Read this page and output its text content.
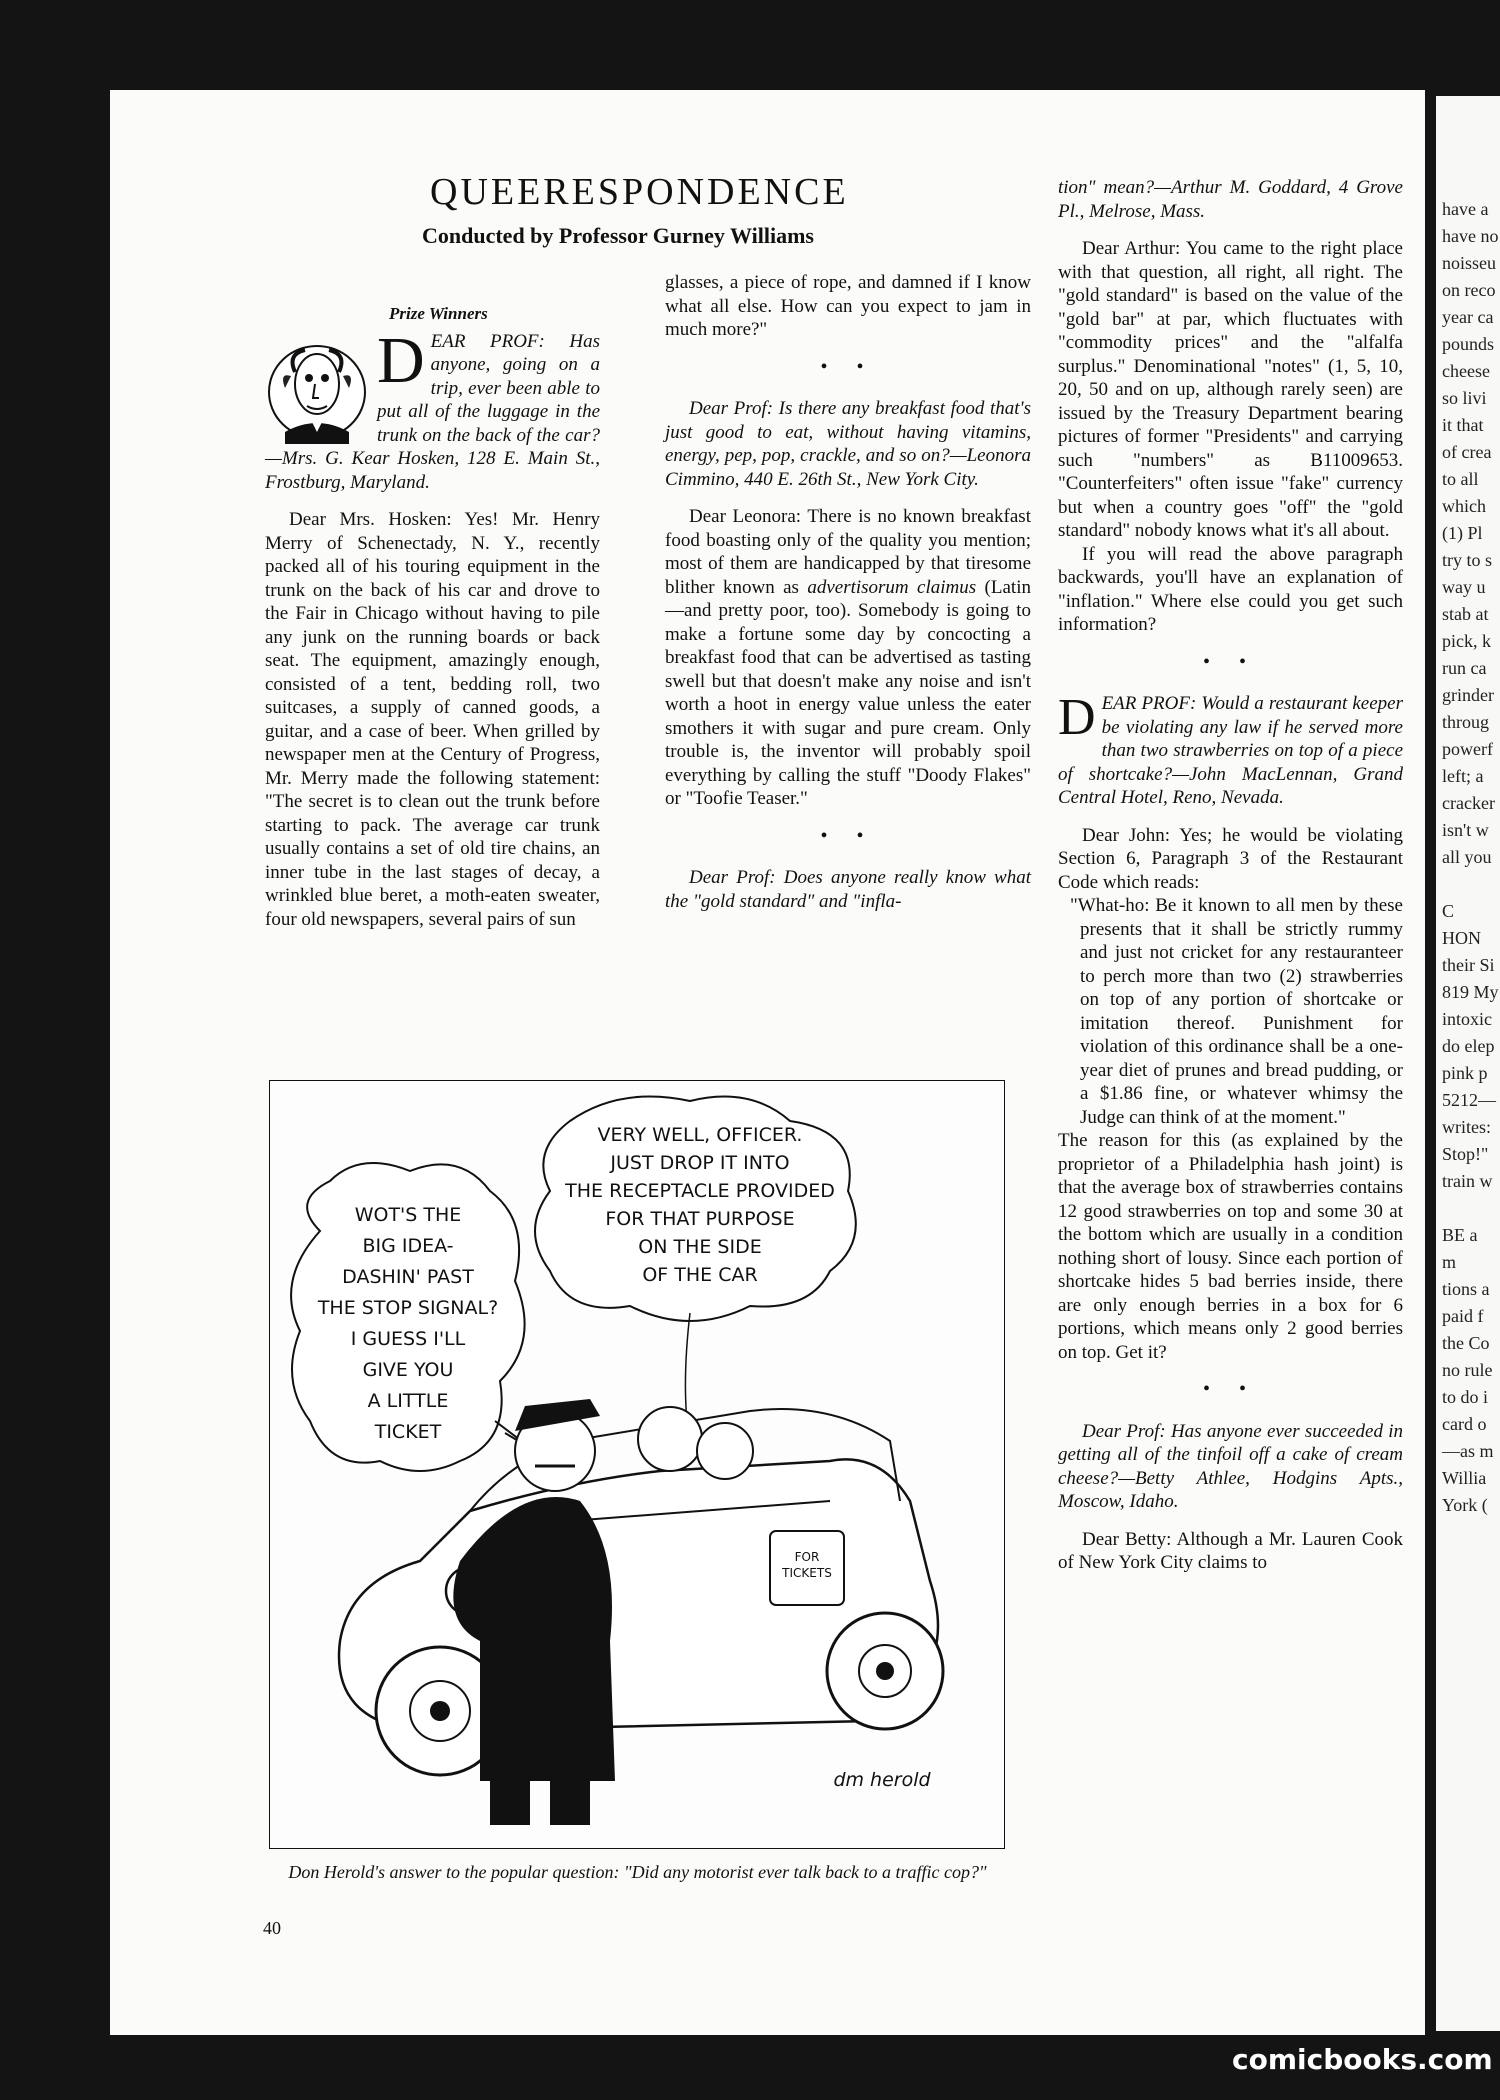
have a
have no
noisseu
on reco
year ca
pounds
cheese
so livi
it that
of crea
to all
which
(1) Pl
try to s
way u
stab at
pick, k
run ca
grinder
throug
powerf
left; a
cracker
isn't w
all you
C
HON
their Si
819 My
intoxic
do elep
pink p
5212—
writes:
Stop!"
train w
BE a
m
tions a
paid f
the Co
no rule
to do i
card o
—as m
Willia
York (
QUEERESPONDENCE
Conducted by Professor Gurney Williams

Prize Winners

DEAR PROF: Has anyone, going on a trip, ever been able to put all of the luggage in the trunk on the back of the car?—Mrs. G. Kear Hosken, 128 E. Main St., Frostburg, Maryland.

Dear Mrs. Hosken: Yes! Mr. Henry Merry of Schenectady, N. Y., recently packed all of his touring equipment in the trunk on the back of his car and drove to the Fair in Chicago without having to pile any junk on the running boards or back seat. The equipment, amazingly enough, consisted of a tent, bedding roll, two suitcases, a supply of canned goods, a guitar, and a case of beer. When grilled by newspaper men at the Century of Progress, Mr. Merry made the following statement: "The secret is to clean out the trunk before starting to pack. The average car trunk usually contains a set of old tire chains, an inner tube in the last stages of decay, a wrinkled blue beret, a moth-eaten sweater, four old newspapers, several pairs of sun

glasses, a piece of rope, and damned if I know what all else. How can you expect to jam in much more?"

• •

Dear Prof: Is there any breakfast food that's just good to eat, without having vitamins, energy, pep, pop, crackle, and so on?—Leonora Cimmino, 440 E. 26th St., New York City.

Dear Leonora: There is no known breakfast food boasting only of the quality you mention; most of them are handicapped by that tiresome blither known as advertisorum claimus (Latin—and pretty poor, too). Somebody is going to make a fortune some day by concocting a breakfast food that can be advertised as tasting swell but that doesn't make any noise and isn't worth a hoot in energy value unless the eater smothers it with sugar and pure cream. Only trouble is, the inventor will probably spoil everything by calling the stuff "Doody Flakes" or "Toofie Teaser."

• •

Dear Prof: Does anyone really know what the "gold standard" and "infla-

tion" mean?—Arthur M. Goddard, 4 Grove Pl., Melrose, Mass.

Dear Arthur: You came to the right place with that question, all right, all right. The "gold standard" is based on the value of the "gold bar" at par, which fluctuates with "commodity prices" and the "alfalfa surplus." Denominational "notes" (1, 5, 10, 20, 50 and on up, although rarely seen) are issued by the Treasury Department bearing pictures of former "Presidents" and carrying such "numbers" as B11009653. "Counterfeiters" often issue "fake" currency but when a country goes "off" the "gold standard" nobody knows what it's all about.

If you will read the above paragraph backwards, you'll have an explanation of "inflation." Where else could you get such information?

• •

DEAR PROF: Would a restaurant keeper be violating any law if he served more than two strawberries on top of a piece of shortcake?—John MacLennan, Grand Central Hotel, Reno, Nevada.

Dear John: Yes; he would be violating Section 6, Paragraph 3 of the Restaurant Code which reads:

"What-ho: Be it known to all men by these presents that it shall be strictly rummy and just not cricket for any restauranteer to perch more than two (2) strawberries on top of any portion of shortcake or imitation thereof. Punishment for violation of this ordinance shall be a one-year diet of prunes and bread pudding, or a $1.86 fine, or whatever whimsy the Judge can think of at the moment."

The reason for this (as explained by the proprietor of a Philadelphia hash joint) is that the average box of strawberries contains 12 good strawberries on top and some 30 at the bottom which are usually in a condition nothing short of lousy. Since each portion of shortcake hides 5 bad berries inside, there are only enough berries in a box for 6 portions, which means only 2 good berries on top. Get it?

• •

Dear Prof: Has anyone ever succeeded in getting all of the tinfoil off a cake of cream cheese?—Betty Athlee, Hodgins Apts., Moscow, Idaho.

Dear Betty: Although a Mr. Lauren Cook of New York City claims to

WOT'S THE
BIG IDEA-
DASHIN' PAST
THE STOP SIGNAL?
I GUESS I'LL
GIVE YOU
A LITTLE
TICKET
VERY WELL, OFFICER.
JUST DROP IT INTO
THE RECEPTACLE PROVIDED
FOR THAT PURPOSE
ON THE SIDE
OF THE CAR
FOR
TICKETS
dm herold
Don Herold's answer to the popular question: "Did any motorist ever talk back to a traffic cop?"
40
comicbooks.com
